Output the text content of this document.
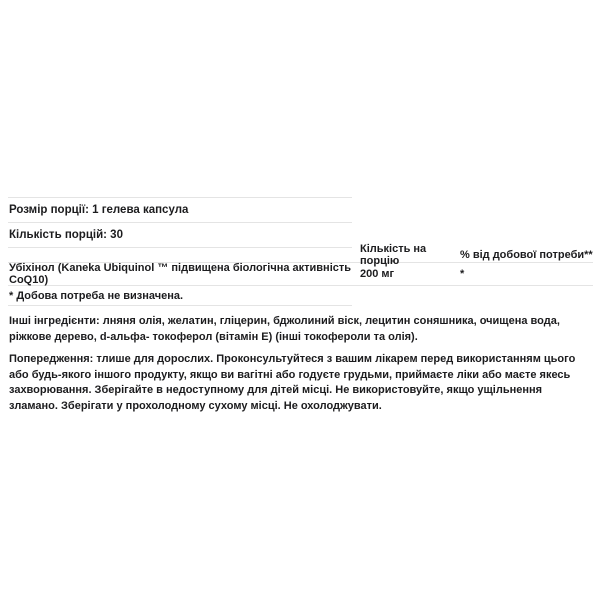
Розмір порції: 1 гелева капсула
Кількість порцій: 30
Кількість на порцію	% від добової потреби**
Убіхінол (Kaneka Ubiquinol ™ підвищена біологічна активність CoQ10)	200 мг	*
* Добова потреба не визначена.

Інші інгредієнти: лняня олія, желатин, гліцерин, бджолиний віск, лецитин соняшника, очищена вода, ріжкове дерево, d-альфа- токоферол (вітамін Е) (інші токофероли та олія).

Попередження: тлише для дорослих. Проконсультуйтеся з вашим лікарем перед використанням цього або будь-якого іншого продукту, якщо ви вагітні або годуєте грудьми, приймаєте ліки або маєте якесь захворювання. Зберігайте в недоступному для дітей місці. Не використовуйте, якщо ущільнення зламано. Зберігати у прохолодному сухому місці. Не охолоджувати.
